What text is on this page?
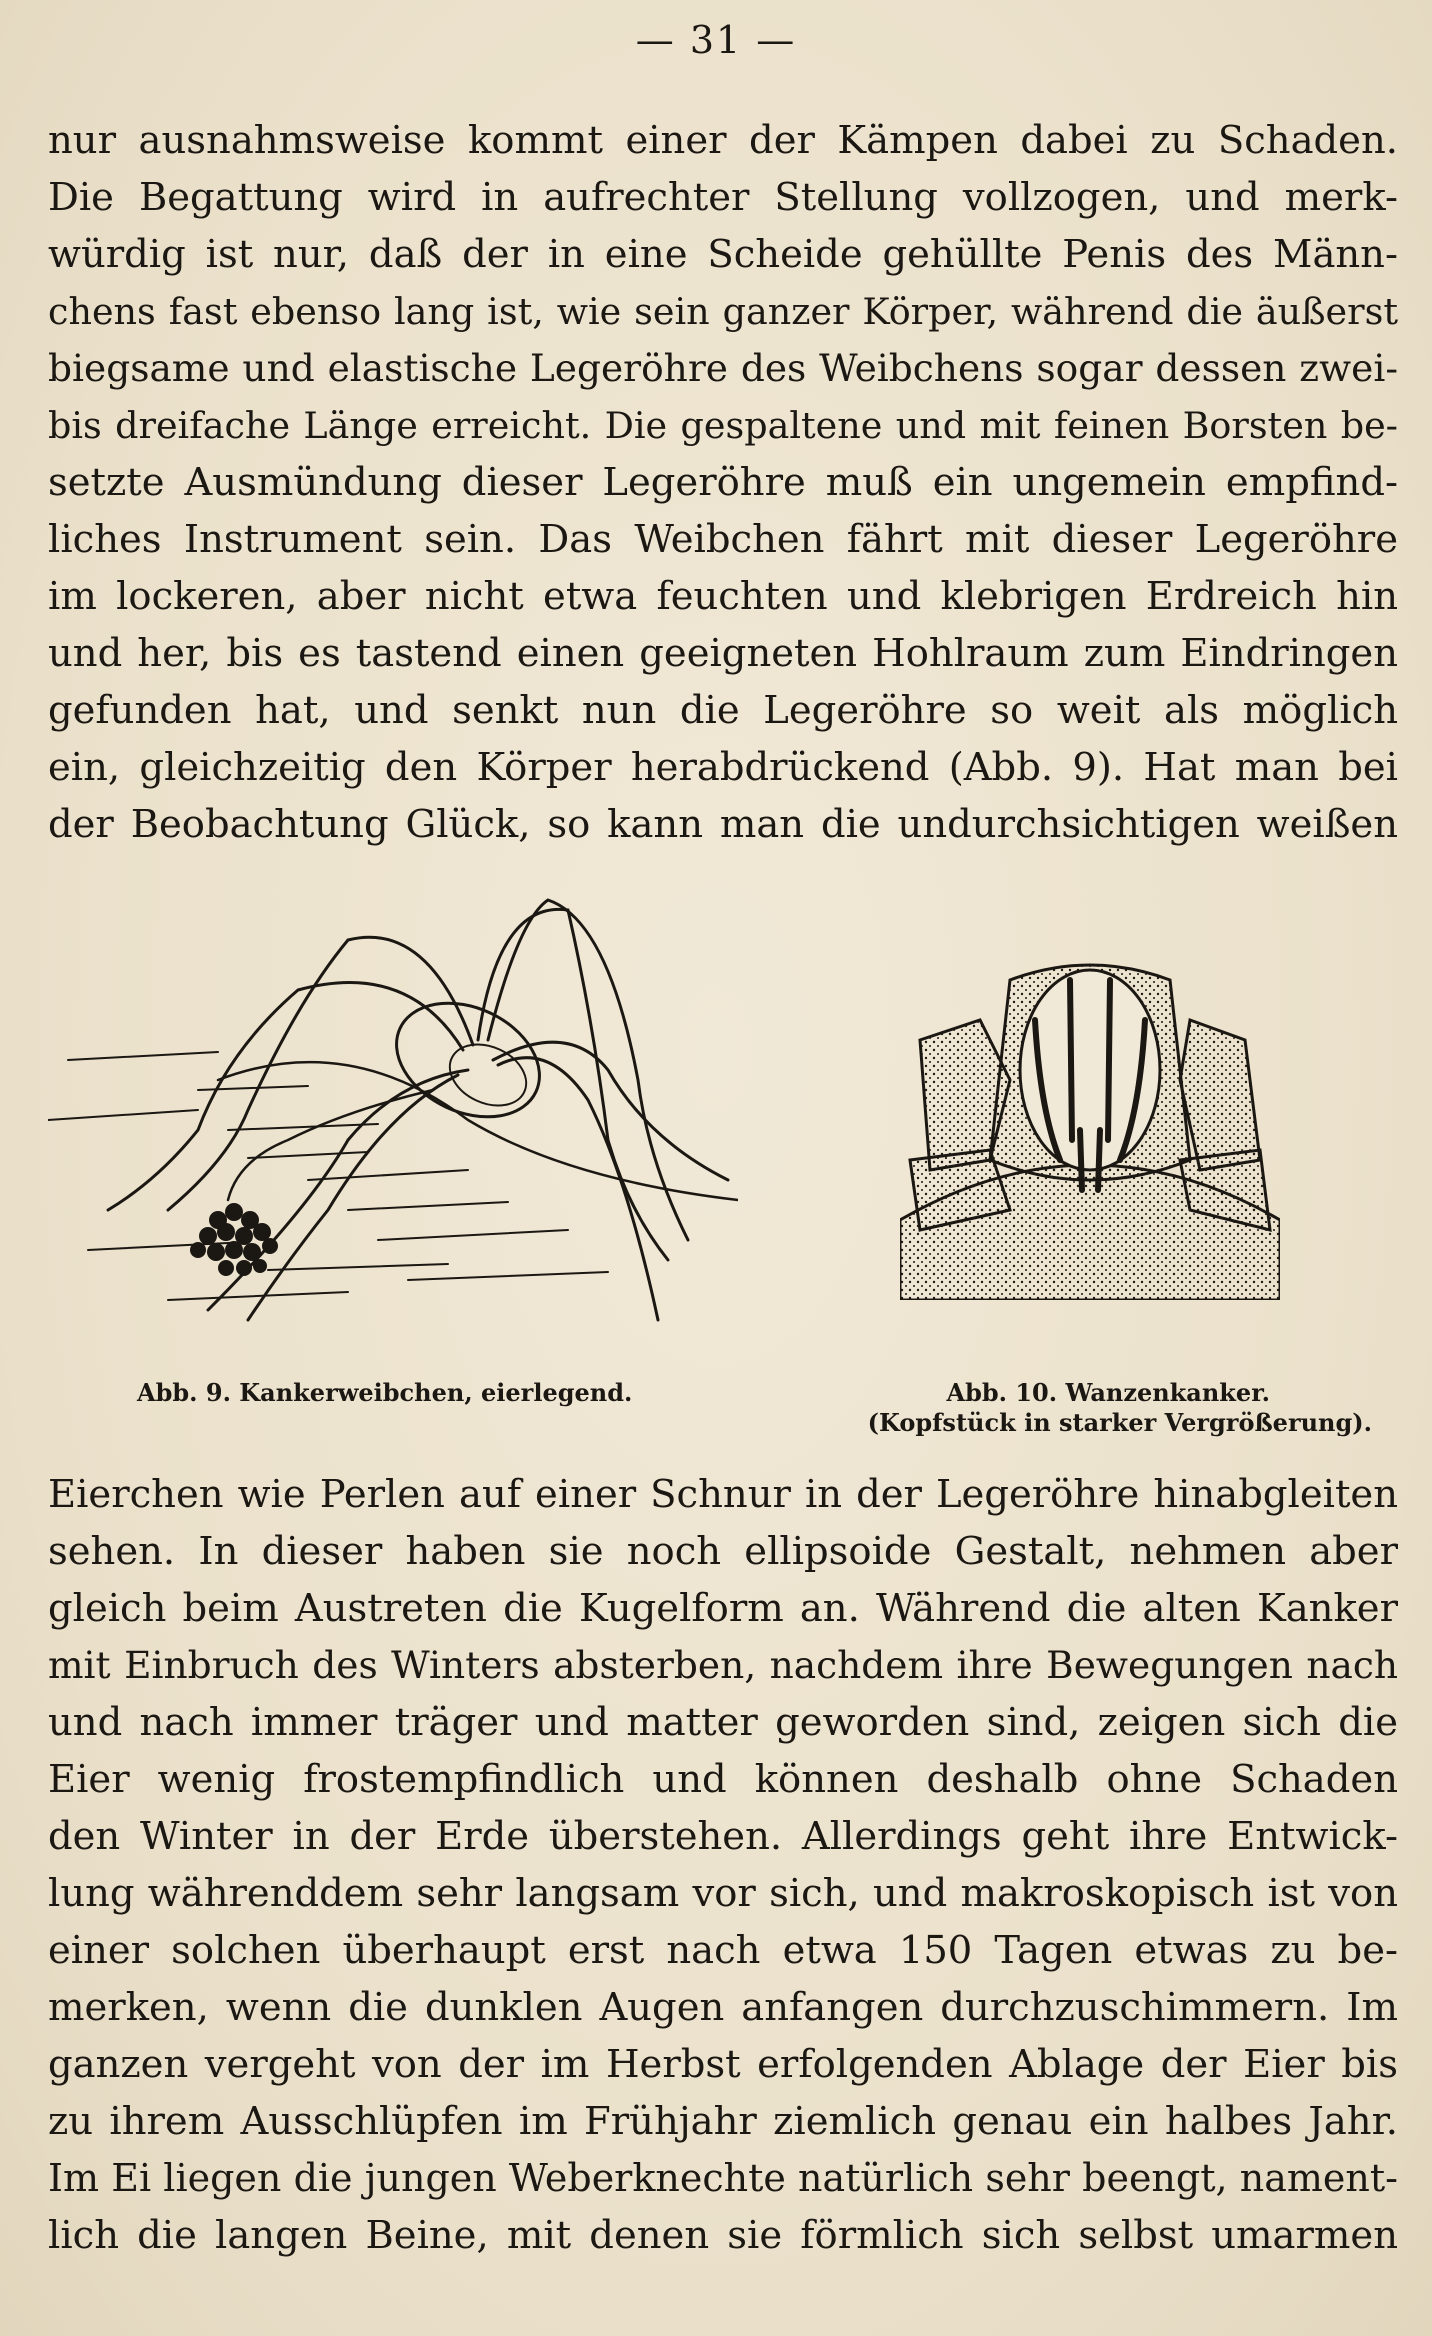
— 31 —
nur ausnahmsweise kommt einer der Kämpen dabei zu Schaden.
Die Begattung wird in aufrechter Stellung vollzogen, und merk-
würdig ist nur, daß der in eine Scheide gehüllte Penis des Männ-
chens fast ebenso lang ist, wie sein ganzer Körper, während die äußerst
biegsame und elastische Legeröhre des Weibchens sogar dessen zwei-
bis dreifache Länge erreicht. Die gespaltene und mit feinen Borsten be-
setzte Ausmündung dieser Legeröhre muß ein ungemein empfind-
liches Instrument sein. Das Weibchen fährt mit dieser Legeröhre
im lockeren, aber nicht etwa feuchten und klebrigen Erdreich hin
und her, bis es tastend einen geeigneten Hohlraum zum Eindringen
gefunden hat, und senkt nun die Legeröhre so weit als möglich
ein, gleichzeitig den Körper herabdrückend (Abb. 9). Hat man bei
der Beobachtung Glück, so kann man die undurchsichtigen weißen
Abb. 9. Kankerweibchen, eierlegend.	Abb. 10. Wanzenkanker.
(Kopfstück in starker Vergrößerung).
Eierchen wie Perlen auf einer Schnur in der Legeröhre hinabgleiten
sehen. In dieser haben sie noch ellipsoide Gestalt, nehmen aber
gleich beim Austreten die Kugelform an. Während die alten Kanker
mit Einbruch des Winters absterben, nachdem ihre Bewegungen nach
und nach immer träger und matter geworden sind, zeigen sich die
Eier wenig frostempfindlich und können deshalb ohne Schaden
den Winter in der Erde überstehen. Allerdings geht ihre Entwick-
lung währenddem sehr langsam vor sich, und makroskopisch ist von
einer solchen überhaupt erst nach etwa 150 Tagen etwas zu be-
merken, wenn die dunklen Augen anfangen durchzuschimmern. Im
ganzen vergeht von der im Herbst erfolgenden Ablage der Eier bis
zu ihrem Ausschlüpfen im Frühjahr ziemlich genau ein halbes Jahr.
Im Ei liegen die jungen Weberknechte natürlich sehr beengt, nament-
lich die langen Beine, mit denen sie förmlich sich selbst umarmen
